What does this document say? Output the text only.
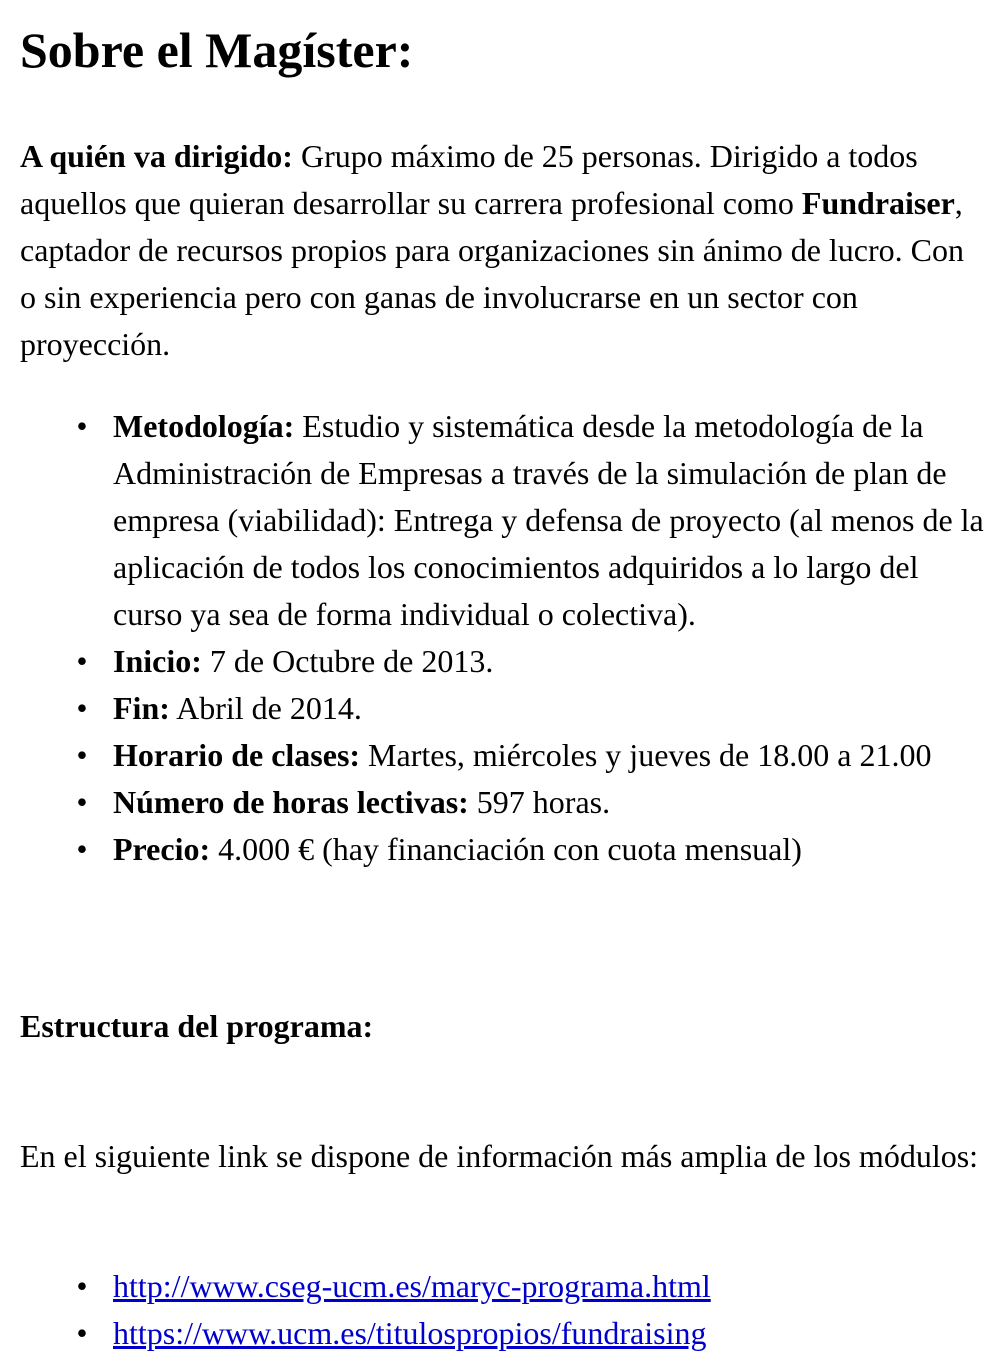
Sobre el Magíster:

A quién va dirigido: Grupo máximo de 25 personas. Dirigido a todos aquellos que quieran desarrollar su carrera profesional como Fundraiser, captador de recursos propios para organizaciones sin ánimo de lucro. Con o sin experiencia pero con ganas de involucrarse en un sector con proyección.

• Metodología: Estudio y sistemática desde la metodología de la Administración de Empresas a través de la simulación de plan de empresa (viabilidad): Entrega y defensa de proyecto (al menos de la aplicación de todos los conocimientos adquiridos a lo largo del curso ya sea de forma individual o colectiva).
• Inicio: 7 de Octubre de 2013.
• Fin: Abril de 2014.
• Horario de clases: Martes, miércoles y jueves de 18.00 a 21.00
• Número de horas lectivas: 597 horas.
• Precio: 4.000 € (hay financiación con cuota mensual)
Estructura del programa:

En el siguiente link se dispone de información más amplia de los módulos:

• http://www.cseg-ucm.es/maryc-programa.html
• https://www.ucm.es/titulospropios/fundraising
